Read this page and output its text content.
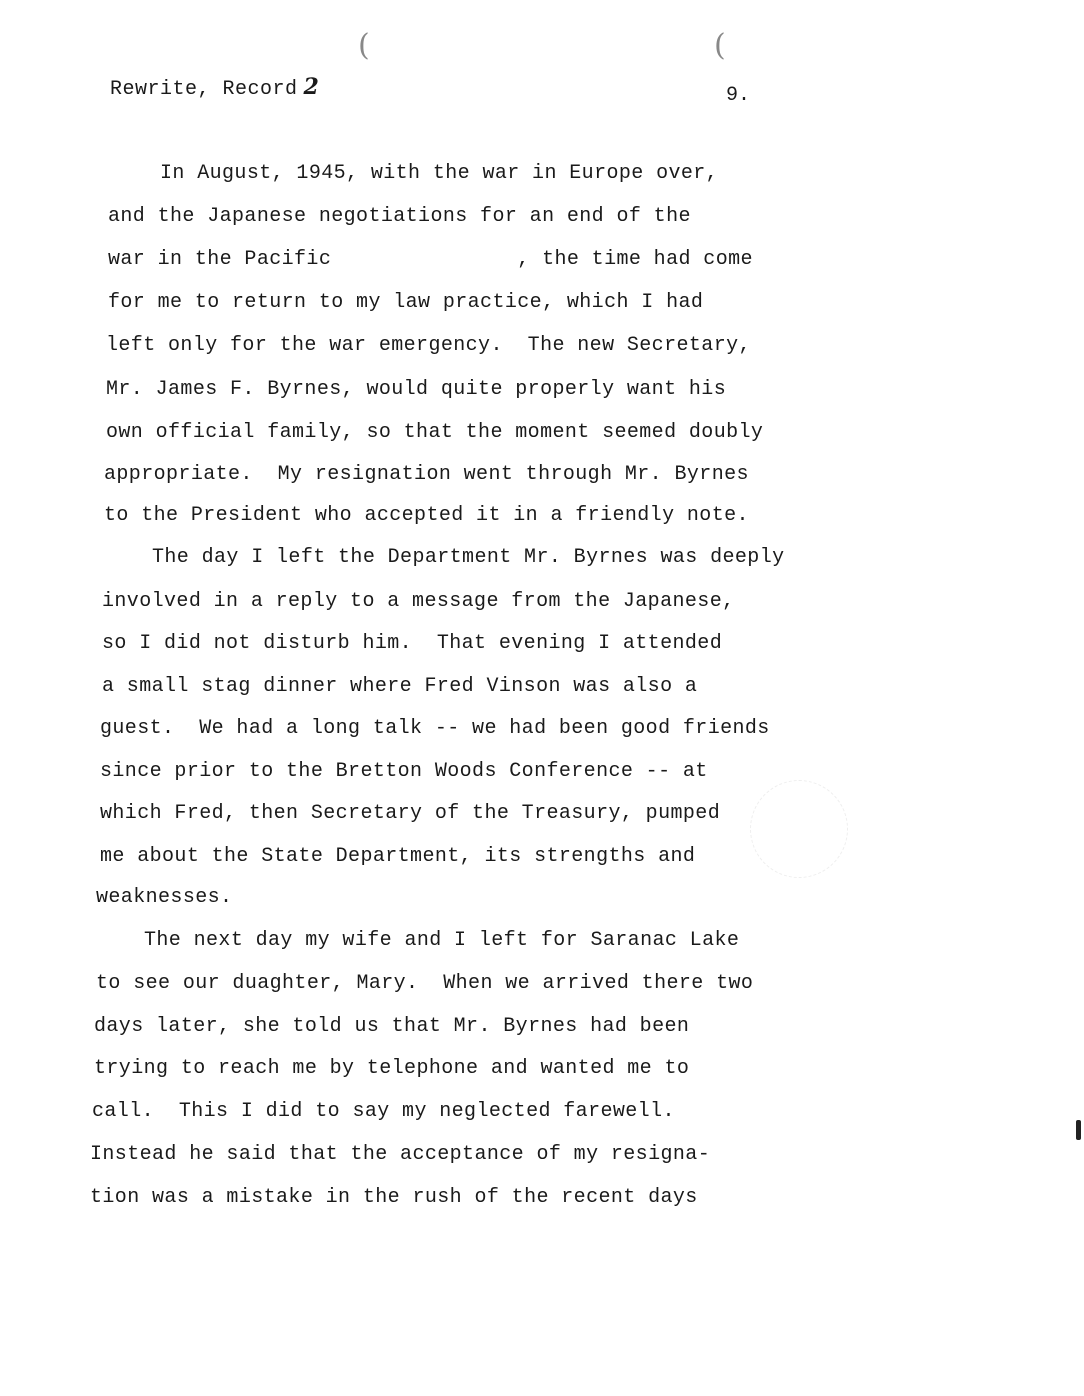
(	(
Rewrite, Record 2	9.
In August, 1945, with the war in Europe over,
and the Japanese negotiations for an end of the
war in the Pacific               , the time had come
for me to return to my law practice, which I had
left only for the war emergency.  The new Secretary,
Mr. James F. Byrnes, would quite properly want his
own official family, so that the moment seemed doubly
appropriate.  My resignation went through Mr. Byrnes
to the President who accepted it in a friendly note.
The day I left the Department Mr. Byrnes was deeply
involved in a reply to a message from the Japanese,
so I did not disturb him.  That evening I attended
a small stag dinner where Fred Vinson was also a
guest.  We had a long talk -- we had been good friends
since prior to the Bretton Woods Conference -- at
which Fred, then Secretary of the Treasury, pumped
me about the State Department, its strengths and
weaknesses.
The next day my wife and I left for Saranac Lake
to see our duaghter, Mary.  When we arrived there two
days later, she told us that Mr. Byrnes had been
trying to reach me by telephone and wanted me to
call.  This I did to say my neglected farewell.
Instead he said that the acceptance of my resigna-
tion was a mistake in the rush of the recent days
